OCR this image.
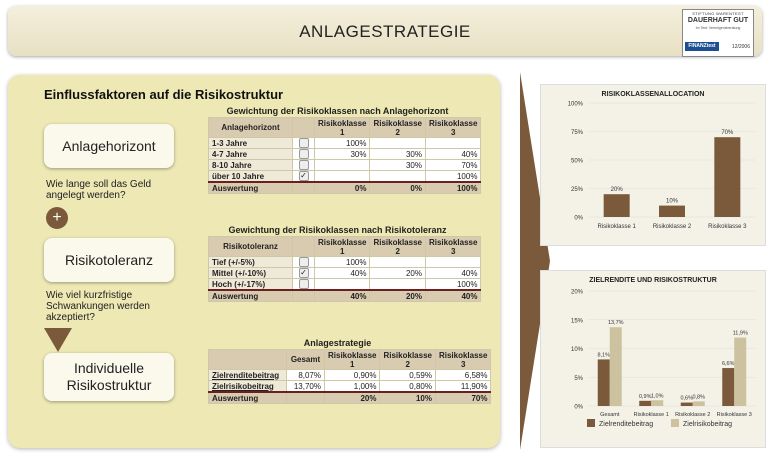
ANLAGESTRATEGIE
STIFTUNG WARENTEST
DAUERHAFT GUT
Im Test: Vermögensberatung
FINANZtest	12/2006
Einflussfaktoren auf die Risikostruktur
Anlagehorizont
Wie lange soll das Geld angelegt werden?
+
Risikotoleranz
Wie viel kurzfristige Schwankungen werden akzeptiert?
Individuelle Risikostruktur
Gewichtung der Risikoklassen nach Anlagehorizont
Anlagehorizont		Risikoklasse 1	Risikoklasse 2	Risikoklasse 3
1-3 Jahre		100%		
4-7 Jahre		30%	30%	40%
8-10 Jahre			30%	70%
über 10 Jahre	✓			100%
Auswertung		0%	0%	100%
Gewichtung der Risikoklassen nach Risikotoleranz
Risikotoleranz		Risikoklasse 1	Risikoklasse 2	Risikoklasse 3
Tief (+/-5%)		100%		
Mittel (+/-10%)	✓	40%	20%	40%
Hoch (+/-17%)				100%
Auswertung		40%	20%	40%
Anlagestrategie
	Gesamt	Risikoklasse 1	Risikoklasse 2	Risikoklasse 3
Zielrenditebeitrag	8,07%	0,90%	0,59%	6,58%
Zielrisikobeitrag	13,70%	1,00%	0,80%	11,90%
Auswertung		20%	10%	70%
RISIKOKLASSENALLOCATION
0%
25%
50%
75%
100%
20%
Risikoklasse 1
10%
Risikoklasse 2
70%
Risikoklasse 3
ZIELRENDITE UND RISIKOSTRUKTUR
0%
5%
10%
15%
20%
8,1%
13,7%
Gesamt
0,9% 1,0%
Risikoklasse 1
0,6% 0,8%
Risikoklasse 2
6,6%
11,9%
Risikoklasse 3
Zielrenditebeitrag	Zielrisikobeitrag
